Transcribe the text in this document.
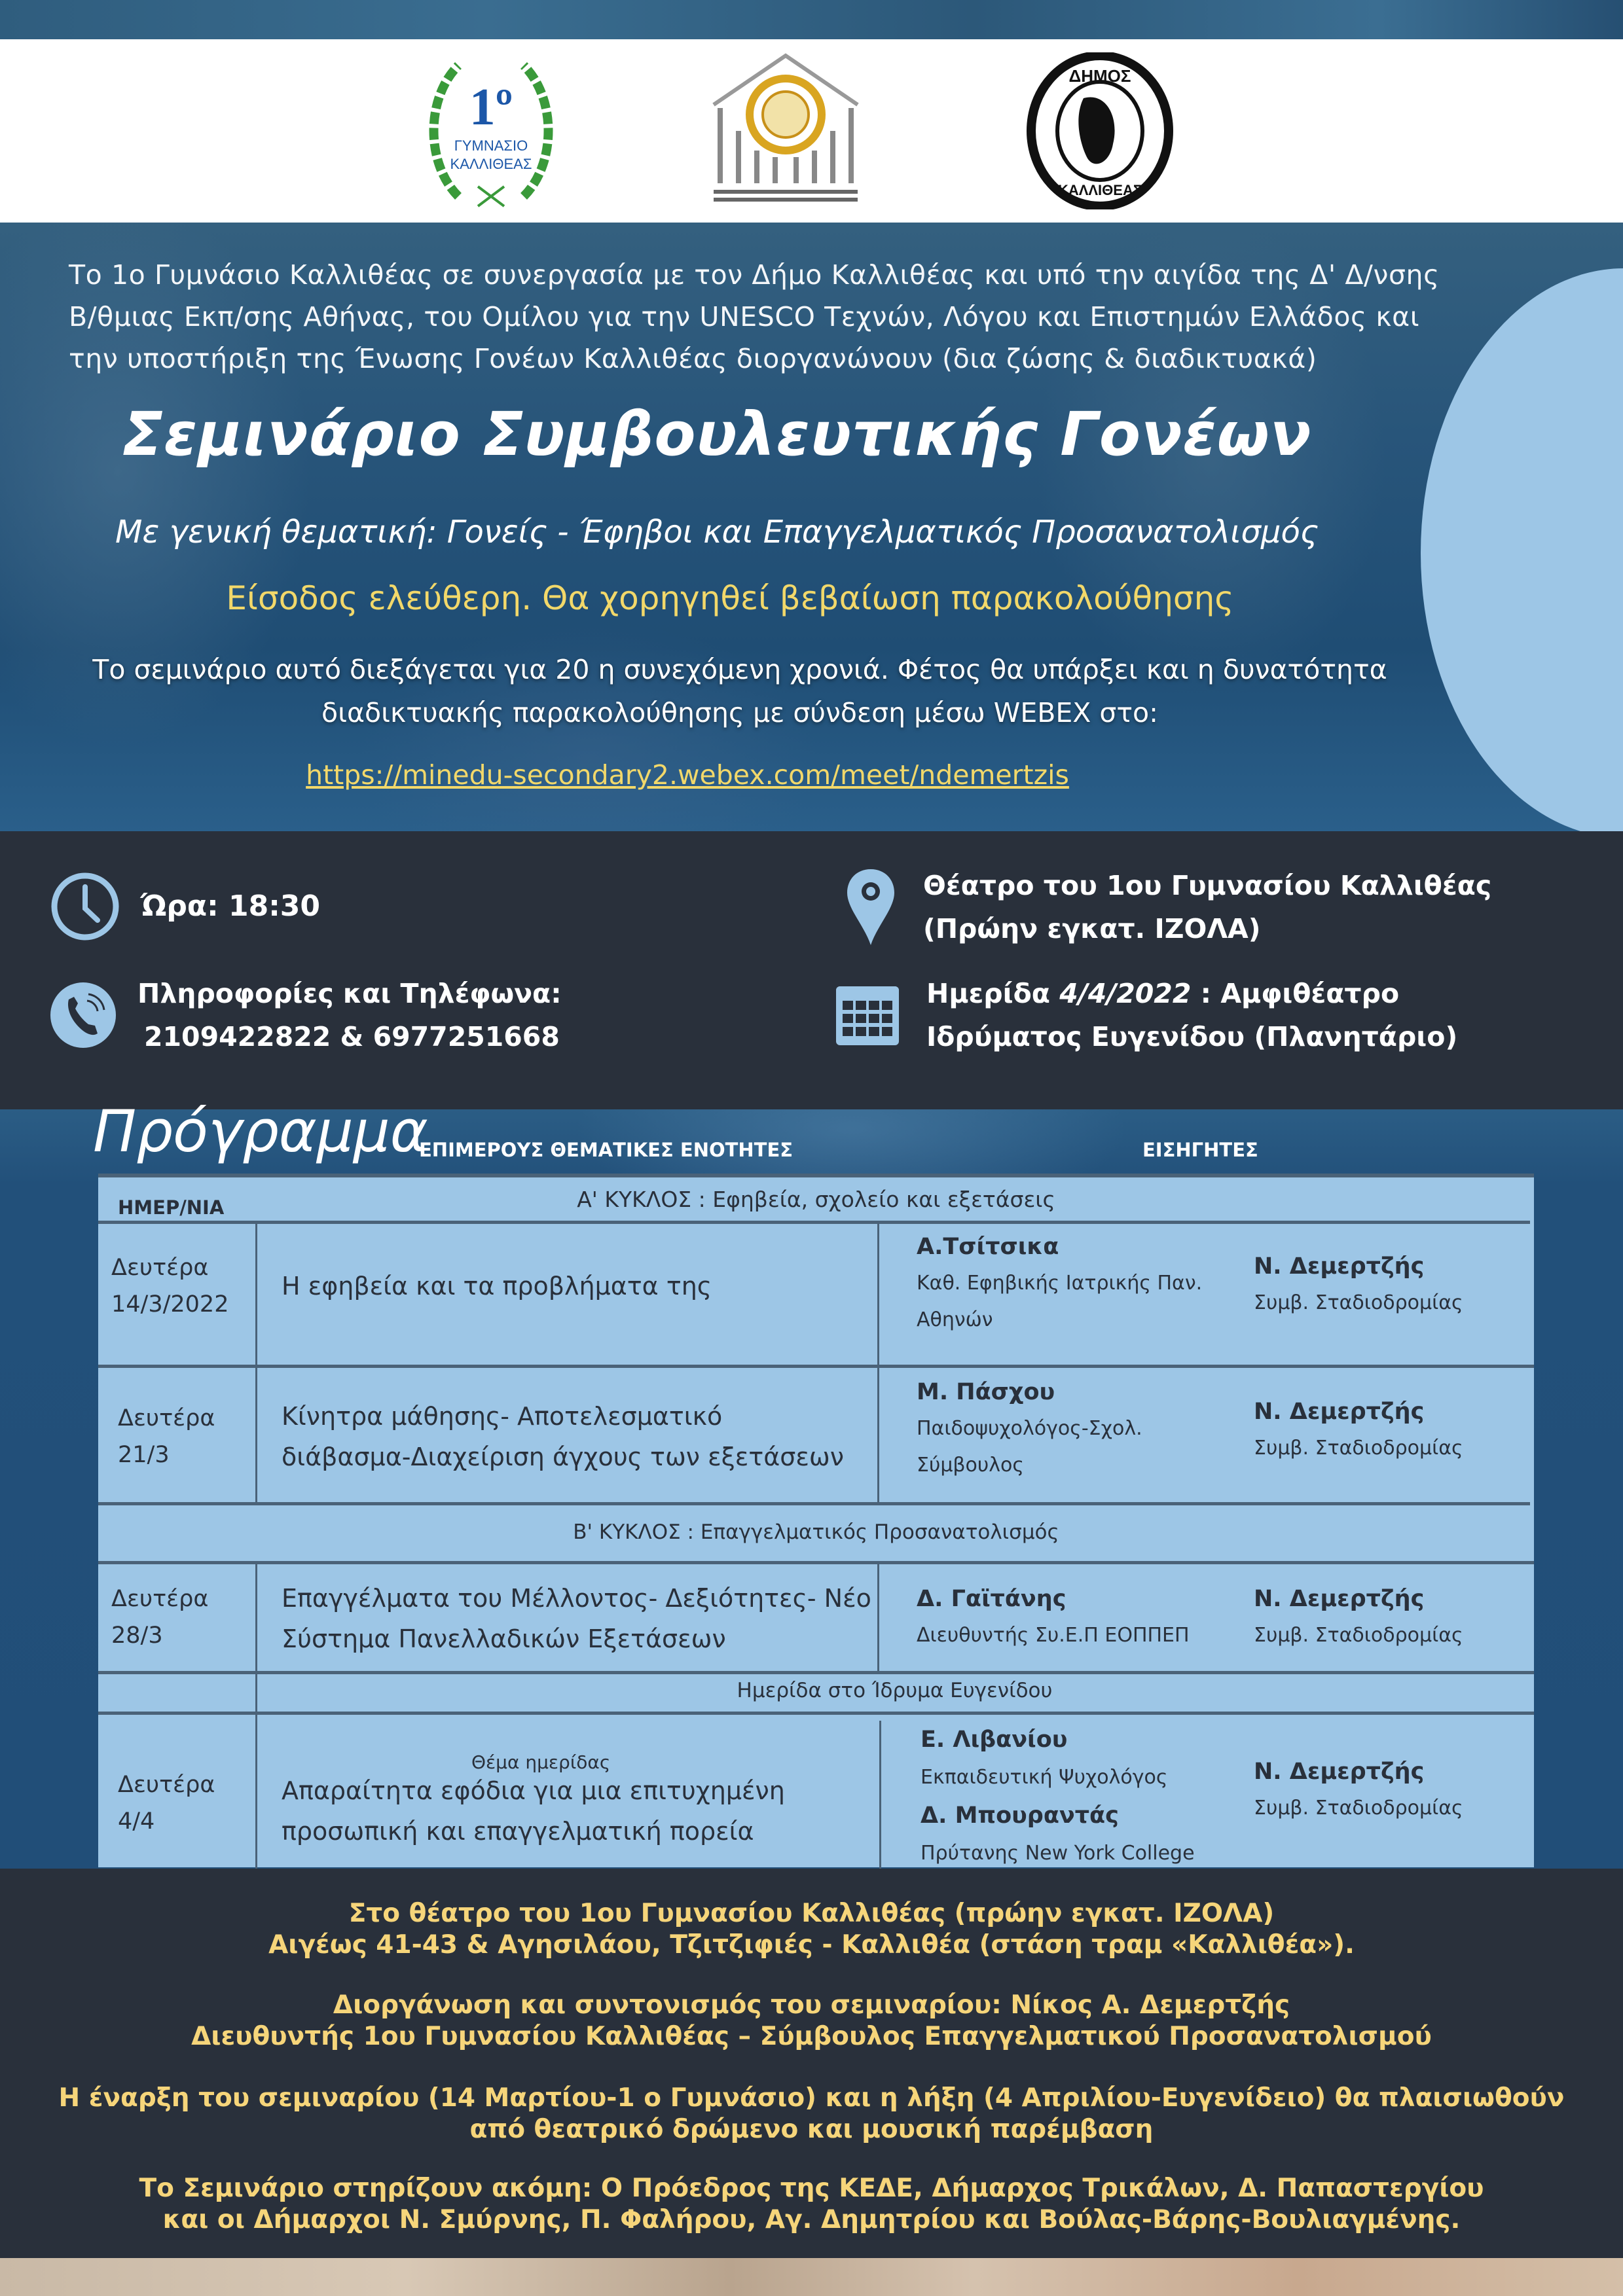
1º
ΓΥΜΝΑΣΙΟ
ΚΑΛΛΙΘΕΑΣ
ΔΗΜΟΣ
ΚΑΛΛΙΘΕΑΣ
Το 1ο Γυμνάσιο Καλλιθέας σε συνεργασία με τον Δήμο Καλλιθέας και υπό την αιγίδα της Δ' Δ/νσης
Β/θμιας Εκπ/σης Αθήνας, του Ομίλου για την UNESCO Τεχνών, Λόγου και Επιστημών Ελλάδος και
την υποστήριξη της Ένωσης Γονέων Καλλιθέας διοργανώνουν (δια ζώσης & διαδικτυακά)
Σεμινάριο Συμβουλευτικής Γονέων
Με γενική θεματική: Γονείς - Έφηβοι και Επαγγελματικός Προσανατολισμός
Είσοδος ελεύθερη. Θα χορηγηθεί βεβαίωση παρακολούθησης
Το σεμινάριο αυτό διεξάγεται για 20 η συνεχόμενη χρονιά. Φέτος θα υπάρξει και η δυνατότητα
διαδικτυακής παρακολούθησης με σύνδεση μέσω WEBEX στο:
https://minedu-secondary2.webex.com/meet/ndemertzis
Ώρα: 18:30
Πληροφορίες και Τηλέφωνα:
2109422822 & 6977251668
Θέατρο του 1ου Γυμνασίου Καλλιθέας
(Πρώην εγκατ. ΙΖΟΛΑ)
Ημερίδα 4/4/2022 : Αμφιθέατρο
Ιδρύματος Ευγενίδου (Πλανητάριο)
Πρόγραμμα
ΕΠΙΜΕΡΟΥΣ ΘΕΜΑΤΙΚΕΣ ΕΝΟΤΗΤΕΣ	ΕΙΣΗΓΗΤΕΣ
ΗΜΕΡ/ΝΙΑ	Α' ΚΥΚΛΟΣ : Εφηβεία, σχολείο και εξετάσεις
Δευτέρα
14/3/2022
Η εφηβεία και τα προβλήματα της
Α.Τσίτσικα
Καθ. Εφηβικής Ιατρικής Παν.
Αθηνών
Ν. Δεμερτζής
Συμβ. Σταδιοδρομίας
Δευτέρα
21/3
Κίνητρα μάθησης- Αποτελεσματικό
διάβασμα-Διαχείριση άγχους των εξετάσεων
Μ. Πάσχου
Παιδοψυχολόγος-Σχολ.
Σύμβουλος
Ν. Δεμερτζής
Συμβ. Σταδιοδρομίας
Β' ΚΥΚΛΟΣ : Επαγγελματικός Προσανατολισμός
Δευτέρα
28/3
Επαγγέλματα του Μέλλοντος- Δεξιότητες- Νέο
Σύστημα Πανελλαδικών Εξετάσεων
Δ. Γαϊτάνης
Διευθυντής Συ.Ε.Π ΕΟΠΠΕΠ
Ν. Δεμερτζής
Συμβ. Σταδιοδρομίας
Ημερίδα στο Ίδρυμα Ευγενίδου
Δευτέρα
4/4
Θέμα ημερίδας
Απαραίτητα εφόδια για μια επιτυχημένη
προσωπική και επαγγελματική πορεία
Ε. Λιβανίου
Εκπαιδευτική Ψυχολόγος
Δ. Μπουραντάς
Πρύτανης New York College
Ν. Δεμερτζής
Συμβ. Σταδιοδρομίας
Στο θέατρο του 1ου Γυμνασίου Καλλιθέας (πρώην εγκατ. ΙΖΟΛΑ)
Αιγέως 41-43 & Αγησιλάου, Τζιτζιφιές - Καλλιθέα (στάση τραμ «Καλλιθέα»).
Διοργάνωση και συντονισμός του σεμιναρίου: Νίκος Α. Δεμερτζής
Διευθυντής 1ου Γυμνασίου Καλλιθέας – Σύμβουλος Επαγγελματικού Προσανατολισμού
Η έναρξη του σεμιναρίου (14 Μαρτίου-1 ο Γυμνάσιο) και η λήξη (4 Απριλίου-Ευγενίδειο) θα πλαισιωθούν
από θεατρικό δρώμενο και μουσική παρέμβαση
Το Σεμινάριο στηρίζουν ακόμη: Ο Πρόεδρος της ΚΕΔΕ, Δήμαρχος Τρικάλων, Δ. Παπαστεργίου
και οι Δήμαρχοι Ν. Σμύρνης, Π. Φαλήρου, Αγ. Δημητρίου και Βούλας-Βάρης-Βουλιαγμένης.
